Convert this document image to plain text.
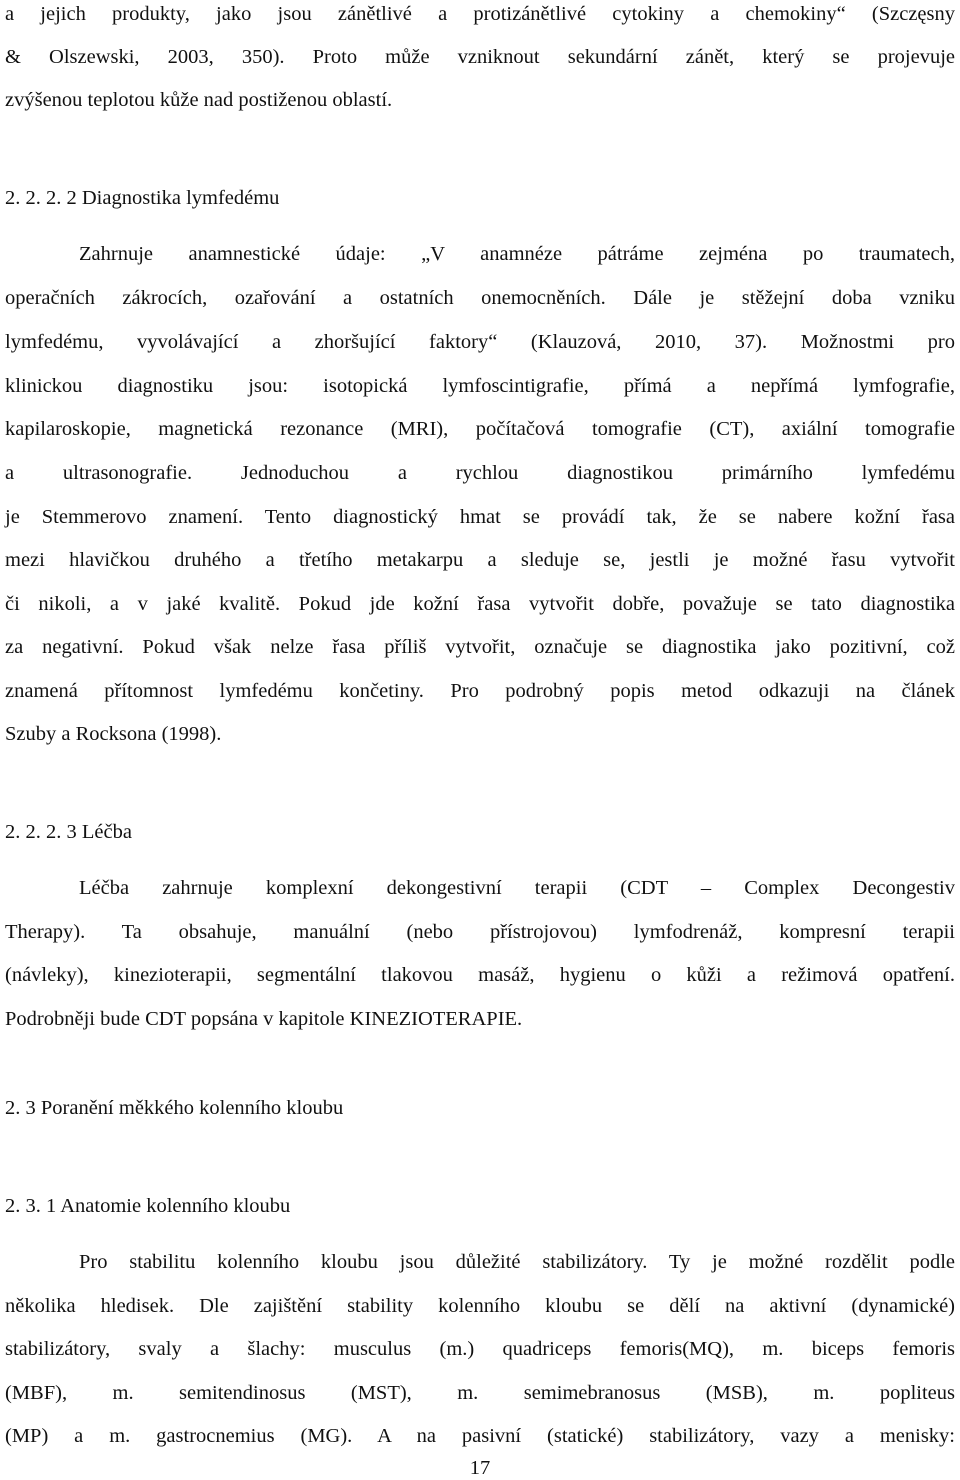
a jejich produkty, jako jsou zánětlivé a protizánětlivé cytokiny a chemokiny“ (Szczęsny
& Olszewski, 2003, 350). Proto může vzniknout sekundární zánět, který se projevuje
zvýšenou teplotou kůže nad postiženou oblastí.
2. 2. 2. 2 Diagnostika lymfedému
Zahrnuje anamnestické údaje: „V anamnéze pátráme zejména po traumatech,
operačních zákrocích, ozařování a ostatních onemocněních. Dále je stěžejní doba vzniku
lymfedému, vyvolávající a zhoršující faktory“ (Klauzová, 2010, 37). Možnostmi pro
klinickou diagnostiku jsou: isotopická lymfoscintigrafie, přímá a nepřímá lymfografie,
kapilaroskopie, magnetická rezonance (MRI), počítačová tomografie (CT), axiální tomografie
a ultrasonografie. Jednoduchou a rychlou diagnostikou primárního lymfedému
je Stemmerovo znamení. Tento diagnostický hmat se provádí tak, že se nabere kožní řasa
mezi hlavičkou druhého a třetího metakarpu a sleduje se, jestli je možné řasu vytvořit
či nikoli, a v jaké kvalitě. Pokud jde kožní řasa vytvořit dobře, považuje se tato diagnostika
za negativní. Pokud však nelze řasa příliš vytvořit, označuje se diagnostika jako pozitivní, což
znamená přítomnost lymfedému končetiny. Pro podrobný popis metod odkazuji na článek
Szuby a Rocksona (1998).
2. 2. 2. 3 Léčba
Léčba zahrnuje komplexní dekongestivní terapii (CDT – Complex Decongestiv
Therapy). Ta obsahuje, manuální (nebo přístrojovou) lymfodrenáž, kompresní terapii
(návleky), kinezioterapii, segmentální tlakovou masáž, hygienu o kůži a režimová opatření.
Podrobněji bude CDT popsána v kapitole KINEZIOTERAPIE.
2. 3 Poranění měkkého kolenního kloubu
2. 3. 1 Anatomie kolenního kloubu
Pro stabilitu kolenního kloubu jsou důležité stabilizátory. Ty je možné rozdělit podle
několika hledisek. Dle zajištění stability kolenního kloubu se dělí na aktivní (dynamické)
stabilizátory, svaly a šlachy: musculus (m.) quadriceps femoris(MQ), m. biceps femoris
(MBF), m. semitendinosus (MST), m. semimebranosus (MSB), m. popliteus
(MP) a m. gastrocnemius (MG). A na pasivní (statické) stabilizátory, vazy a menisky:
17
